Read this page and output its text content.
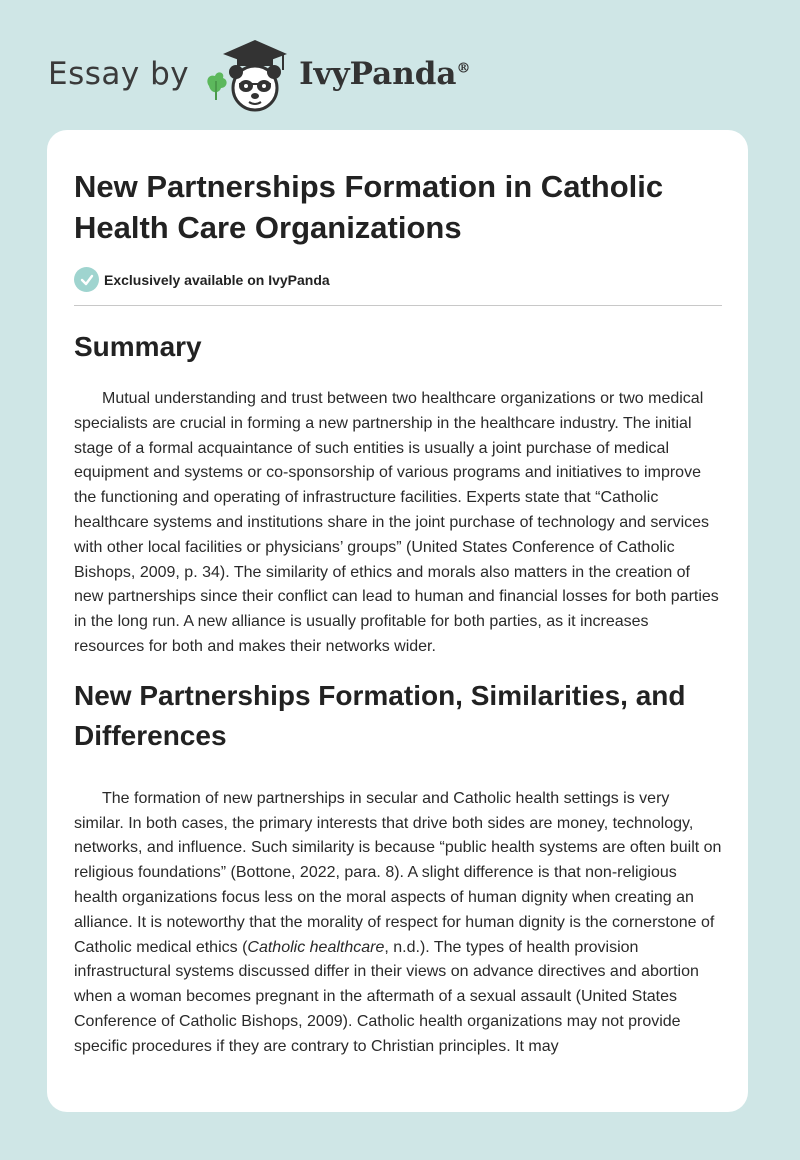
Essay by	IvyPanda®
New Partnerships Formation in Catholic Health Care Organizations
Exclusively available on IvyPanda
Summary

Mutual understanding and trust between two healthcare organizations or two medical specialists are crucial in forming a new partnership in the healthcare industry. The initial stage of a formal acquaintance of such entities is usually a joint purchase of medical equipment and systems or co-sponsorship of various programs and initiatives to improve the functioning and operating of infrastructure facilities. Experts state that “Catholic healthcare systems and institutions share in the joint purchase of technology and services with other local facilities or physicians’ groups” (United States Conference of Catholic Bishops, 2009, p. 34). The similarity of ethics and morals also matters in the creation of new partnerships since their conflict can lead to human and financial losses for both parties in the long run. A new alliance is usually profitable for both parties, as it increases resources for both and makes their networks wider.

New Partnerships Formation, Similarities, and Differences

The formation of new partnerships in secular and Catholic health settings is very similar. In both cases, the primary interests that drive both sides are money, technology, networks, and influence. Such similarity is because “public health systems are often built on religious foundations” (Bottone, 2022, para. 8). A slight difference is that non-religious health organizations focus less on the moral aspects of human dignity when creating an alliance. It is noteworthy that the morality of respect for human dignity is the cornerstone of Catholic medical ethics (Catholic healthcare, n.d.). The types of health provision infrastructural systems discussed differ in their views on advance directives and abortion when a woman becomes pregnant in the aftermath of a sexual assault (United States Conference of Catholic Bishops, 2009). Catholic health organizations may not provide specific procedures if they are contrary to Christian principles. It may
